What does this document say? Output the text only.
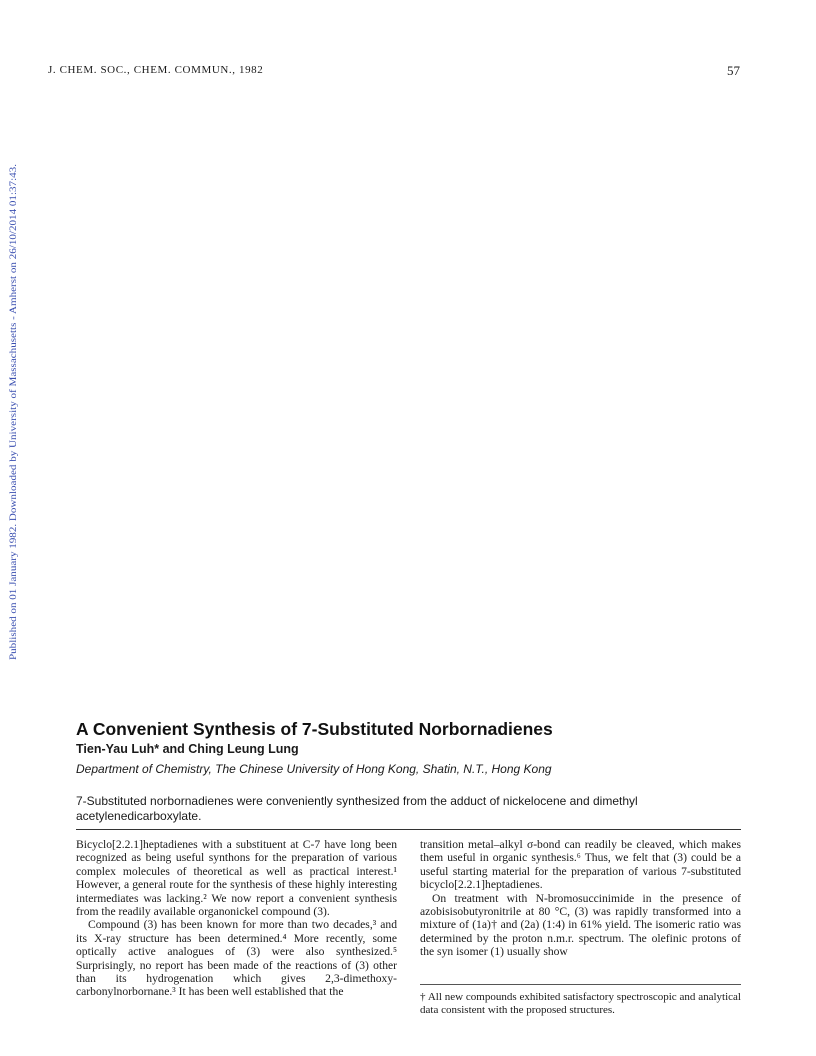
J. CHEM. SOC., CHEM. COMMUN., 1982	57
Published on 01 January 1982. Downloaded by University of Massachusetts - Amherst on 26/10/2014 01:37:43.
A Convenient Synthesis of 7-Substituted Norbornadienes
Tien-Yau Luh* and Ching Leung Lung
Department of Chemistry, The Chinese University of Hong Kong, Shatin, N.T., Hong Kong
7-Substituted norbornadienes were conveniently synthesized from the adduct of nickelocene and dimethyl acetylenedicarboxylate.

Bicyclo[2.2.1]heptadienes with a substituent at C-7 have long been recognized as being useful synthons for the preparation of various complex molecules of theoretical as well as practical interest.¹ However, a general route for the synthesis of these highly interesting intermediates was lacking.² We now report a convenient synthesis from the readily available organonickel compound (3).

Compound (3) has been known for more than two decades,³ and its X-ray structure has been determined.⁴ More recently, some optically active analogues of (3) were also synthesized.⁵ Surprisingly, no report has been made of the reactions of (3) other than its hydrogenation which gives 2,3-dimethoxy-carbonylnorbornane.³ It has been well established that the

transition metal–alkyl σ-bond can readily be cleaved, which makes them useful in organic synthesis.⁶ Thus, we felt that (3) could be a useful starting material for the preparation of various 7-substituted bicyclo[2.2.1]heptadienes.

On treatment with N-bromosuccinimide in the presence of azobisisobutyronitrile at 80 °C, (3) was rapidly transformed into a mixture of (1a)† and (2a) (1:4) in 61% yield. The isomeric ratio was determined by the proton n.m.r. spectrum. The olefinic protons of the syn isomer (1) usually show

† All new compounds exhibited satisfactory spectroscopic and analytical data consistent with the proposed structures.
